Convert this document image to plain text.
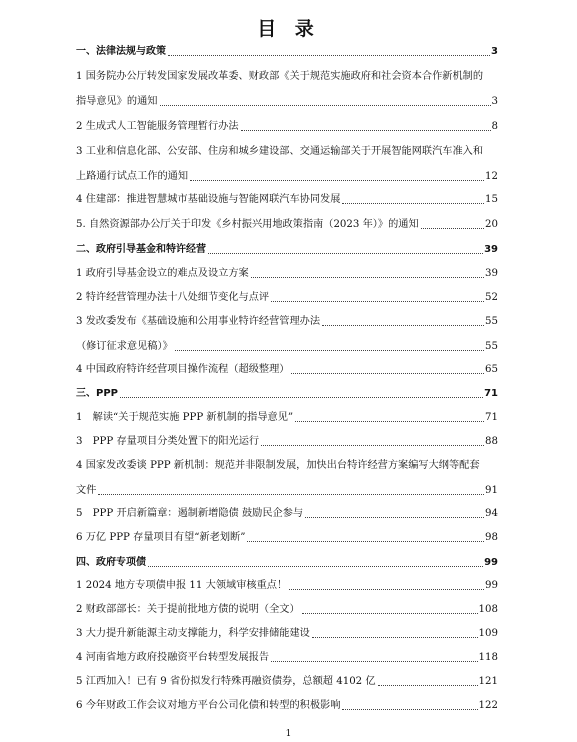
目 录
一、法律法规与政策	3
1 国务院办公厅转发国家发展改革委、财政部《关于规范实施政府和社会资本合作新机制的
指导意见》的通知	3
2 生成式人工智能服务管理暂行办法	8
3 工业和信息化部、公安部、住房和城乡建设部、交通运输部关于开展智能网联汽车准入和
上路通行试点工作的通知	12
4 住建部：推进智慧城市基础设施与智能网联汽车协同发展	15
5. 自然资源部办公厅关于印发《乡村振兴用地政策指南（2023 年）》的通知	20
二、政府引导基金和特许经营	39
1 政府引导基金设立的难点及设立方案	39
2 特许经营管理办法十八处细节变化与点评	52
3 发改委发布《基础设施和公用事业特许经营管理办法	55
（修订征求意见稿）》	55
4 中国政府特许经营项目操作流程（超级整理）	65
三、PPP	71
1　解读“关于规范实施 PPP 新机制的指导意见”	71
3　PPP 存量项目分类处置下的阳光运行	88
4 国家发改委谈 PPP 新机制：规范并非限制发展，加快出台特许经营方案编写大纲等配套
文件	91
5　PPP 开启新篇章：遏制新增隐债 鼓励民企参与	94
6 万亿 PPP 存量项目有望“新老划断”	98
四、政府专项债	99
1 2024 地方专项债申报 11 大领域审核重点！	99
2 财政部部长：关于提前批地方债的说明（全文）	108
3 大力提升新能源主动支撑能力，科学安排储能建设	109
4 河南省地方政府投融资平台转型发展报告	118
5 江西加入！已有 9 省份拟发行特殊再融资债券，总额超 4102 亿	121
6 今年财政工作会议对地方平台公司化债和转型的积极影响	122
1
